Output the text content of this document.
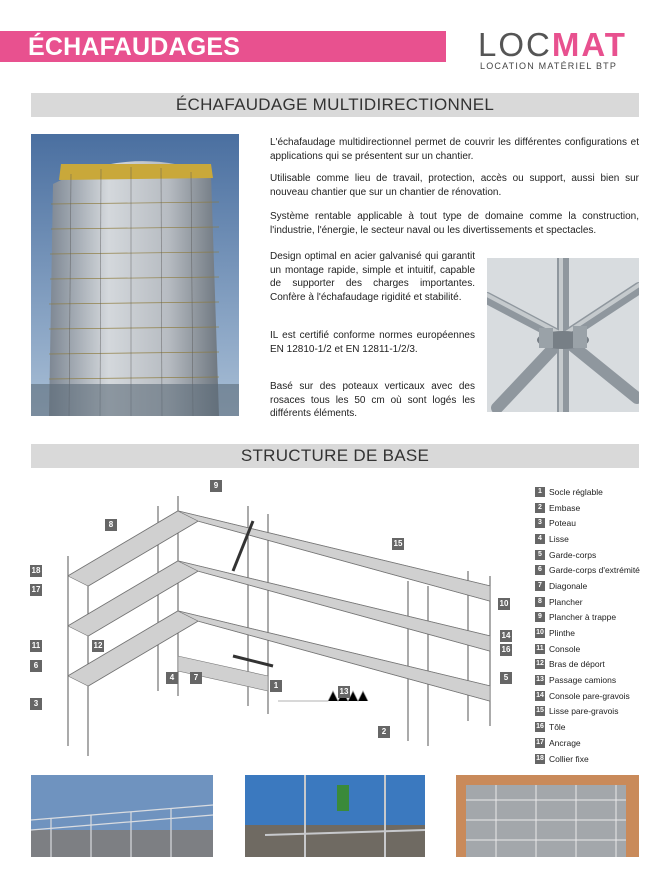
ÉCHAFAUDAGES	LOCMAT
LOCATION MATÉRIEL BTP
ÉCHAFAUDAGE MULTIDIRECTIONNEL
L'échafaudage multidirectionnel permet de couvrir les différentes configurations et applications qui se présentent sur un chantier.
Utilisable comme lieu de travail, protection, accès ou support, aussi bien sur nouveau chantier que sur un chantier de rénovation.
Système rentable applicable à tout type de domaine comme la construction, l'industrie, l'énergie, le secteur naval ou les divertissements et spectacles.
Design optimal en acier galvanisé qui garantit un montage rapide, simple et intuitif, capable de supporter des charges importantes. Confère à l'échafaudage rigidité et stabilité.
IL est certifié conforme normes européennes EN 12810-1/2 et EN 12811-1/2/3.
Basé sur des poteaux verticaux avec des rosaces tous les 50 cm où sont logés les différents éléments.
STRUCTURE DE BASE
9
8
18
17
11	12
6
3
7
4
1
13
2
15
10
14
16
5
1 Socle réglable
2 Embase
3 Poteau
4 Lisse
5 Garde-corps
6 Garde-corps d'extrémité
7 Diagonale
8 Plancher
9 Plancher à trappe
10 Plinthe
11 Console
12 Bras de déport
13 Passage camions
14 Console pare-gravois
15 Lisse pare-gravois
16 Tôle
17 Ancrage
18 Collier fixe
